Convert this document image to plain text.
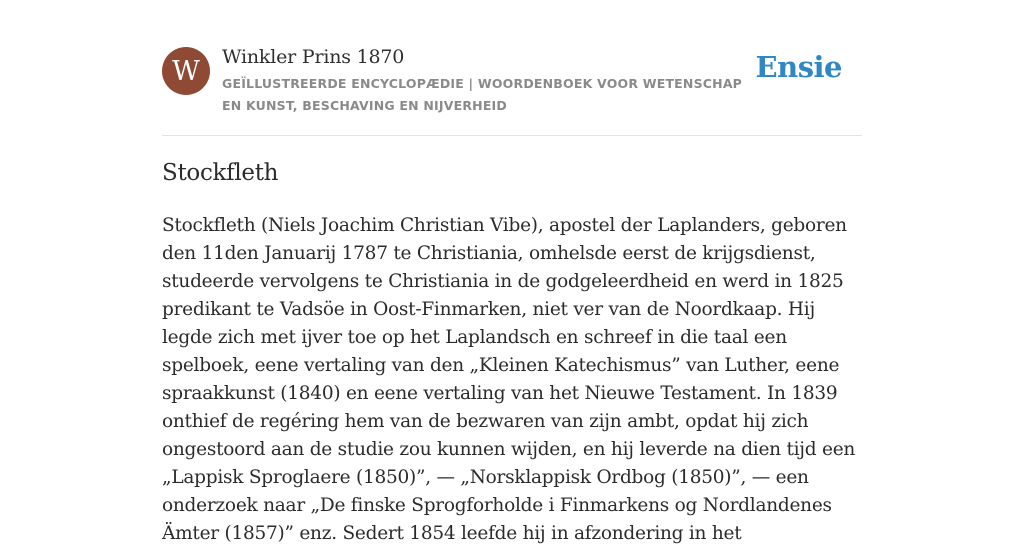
W	Winkler Prins 1870
GEÏLLUSTREERDE ENCYCLOPÆDIE | WOORDENBOEK VOOR WETENSCHAP EN KUNST, BESCHAVING EN NIJVERHEID
Ensie
Stockfleth

Stockfleth (Niels Joachim Christian Vibe), apostel der Laplanders, geboren den 11den Januarij 1787 te Christiania, omhelsde eerst de krijgsdienst, studeerde vervolgens te Christiania in de godgeleerdheid en werd in 1825 predikant te Vadsöe in Oost-Finmarken, niet ver van de Noordkaap. Hij legde zich met ijver toe op het Laplandsch en schreef in die taal een spelboek, eene vertaling van den „Kleinen Katechismus” van Luther, eene spraakkunst (1840) en eene vertaling van het Nieuwe Testament. In 1839 onthief de regéring hem van de bezwaren van zijn ambt, opdat hij zich ongestoord aan de studie zou kunnen wijden, en hij leverde na dien tijd een „Lappisk Sproglaere (1850)”, — „Norsklappisk Ordbog (1850)”, — een onderzoek naar „De finske Sprogforholde i Finmarkens og Nordlandenes Ämter (1857)” enz. Sedert 1854 leefde hij in afzondering in het
